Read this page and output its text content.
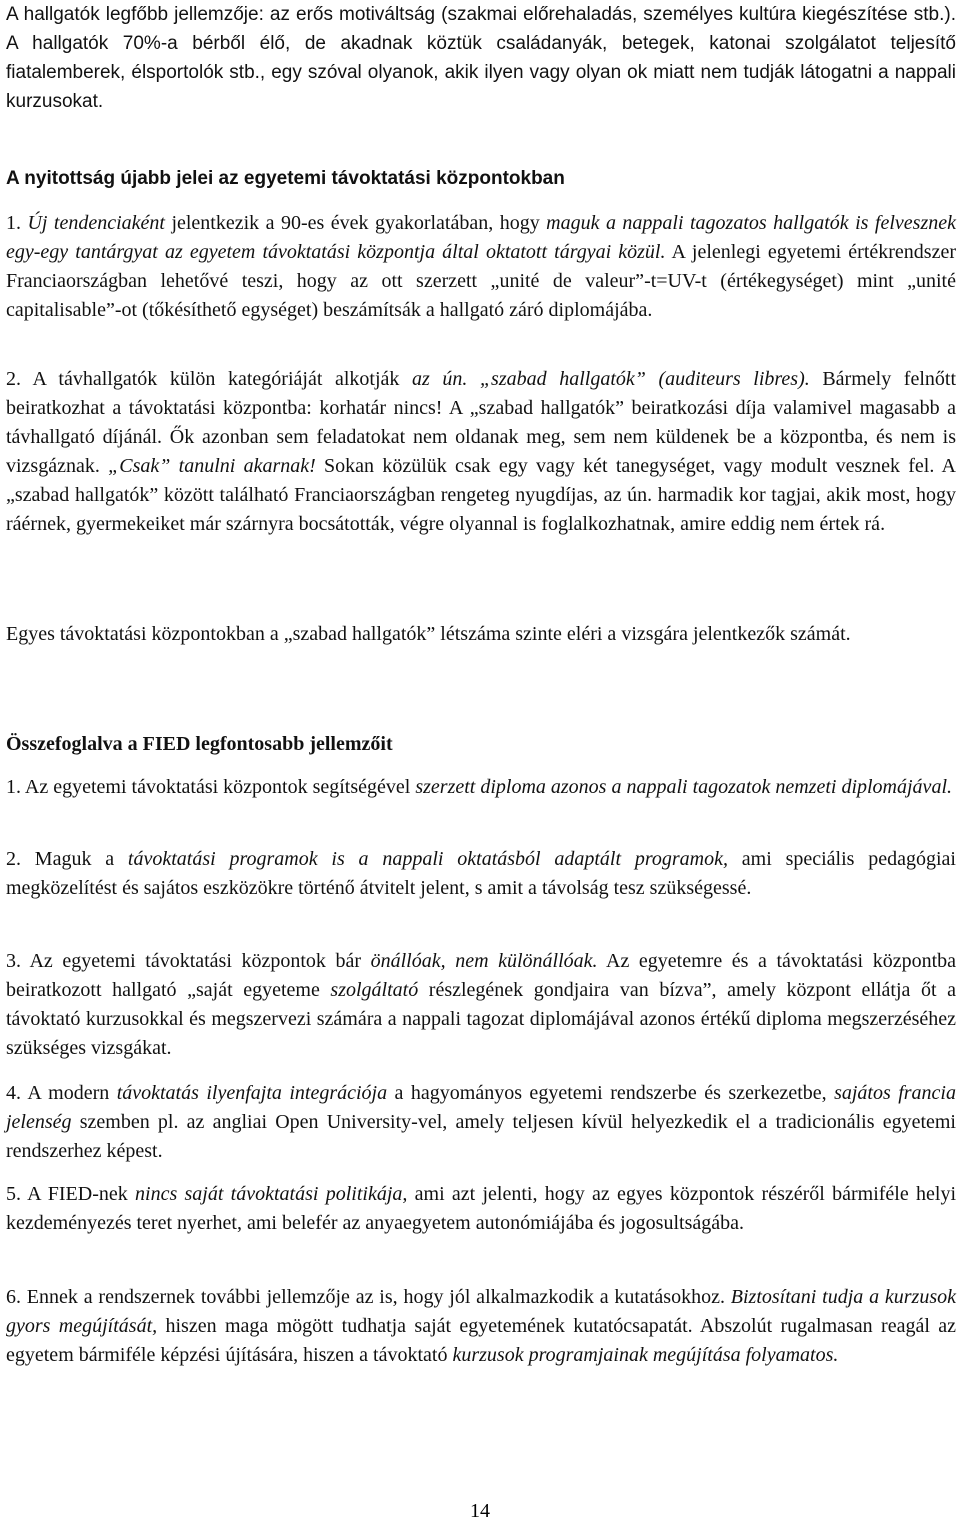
A hallgatók legfőbb jellemzője: az erős motiváltság (szakmai előrehaladás, személyes kultúra kiegészítése stb.). A hallgatók 70%-a bérből élő, de akadnak köztük családanyák, betegek, katonai szolgálatot teljesítő fiatalemberek, élsportolók stb., egy szóval olyanok, akik ilyen vagy olyan ok miatt nem tudják látogatni a nappali kurzusokat.

A nyitottság újabb jelei az egyetemi távoktatási központokban

1. Új tendenciaként jelentkezik a 90-es évek gyakorlatában, hogy maguk a nappali tagozatos hallgatók is felvesznek egy-egy tantárgyat az egyetem távoktatási központja által oktatott tárgyai közül. A jelenlegi egyetemi értékrendszer Franciaországban lehetővé teszi, hogy az ott szerzett „unité de valeur”-t=UV-t (értékegységet) mint „unité capitalisable”-ot (tőkésíthető egységet) beszámítsák a hallgató záró diplomájába.

2. A távhallgatók külön kategóriáját alkotják az ún. „szabad hallgatók” (auditeurs libres). Bármely felnőtt beiratkozhat a távoktatási központba: korhatár nincs! A „szabad hallgatók” beiratkozási díja valamivel magasabb a távhallgató díjánál. Ők azonban sem feladatokat nem oldanak meg, sem nem küldenek be a központba, és nem is vizsgáznak. „Csak” tanulni akarnak! Sokan közülük csak egy vagy két tanegységet, vagy modult vesznek fel. A „szabad hallgatók” között található Franciaországban rengeteg nyugdíjas, az ún. harmadik kor tagjai, akik most, hogy ráérnek, gyermekeiket már szárnyra bocsátották, végre olyannal is foglalkozhatnak, amire eddig nem értek rá.

Egyes távoktatási központokban a „szabad hallgatók” létszáma szinte eléri a vizsgára jelentkezők számát.

Összefoglalva a FIED legfontosabb jellemzőit

1. Az egyetemi távoktatási központok segítségével szerzett diploma azonos a nappali tagozatok nemzeti diplomájával.

2. Maguk a távoktatási programok is a nappali oktatásból adaptált programok, ami speciális pedagógiai megközelítést és sajátos eszközökre történő átvitelt jelent, s amit a távolság tesz szükségessé.

3. Az egyetemi távoktatási központok bár önállóak, nem különállóak. Az egyetemre és a távoktatási központba beiratkozott hallgató „saját egyeteme szolgáltató részlegének gondjaira van bízva”, amely központ ellátja őt a távoktató kurzusokkal és megszervezi számára a nappali tagozat diplomájával azonos értékű diploma megszerzéséhez szükséges vizsgákat.

4. A modern távoktatás ilyenfajta integrációja a hagyományos egyetemi rendszerbe és szerkezetbe, sajátos francia jelenség szemben pl. az angliai Open University-vel, amely teljesen kívül helyezkedik el a tradicionális egyetemi rendszerhez képest.

5. A FIED-nek nincs saját távoktatási politikája, ami azt jelenti, hogy az egyes központok részéről bármiféle helyi kezdeményezés teret nyerhet, ami belefér az anyaegyetem autonómiájába és jogosultságába.

6. Ennek a rendszernek további jellemzője az is, hogy jól alkalmazkodik a kutatásokhoz. Biztosítani tudja a kurzusok gyors megújítását, hiszen maga mögött tudhatja saját egyetemének kutatócsapatát. Abszolút rugalmasan reagál az egyetem bármiféle képzési újítására, hiszen a távoktató kurzusok programjainak megújítása folyamatos.

14
